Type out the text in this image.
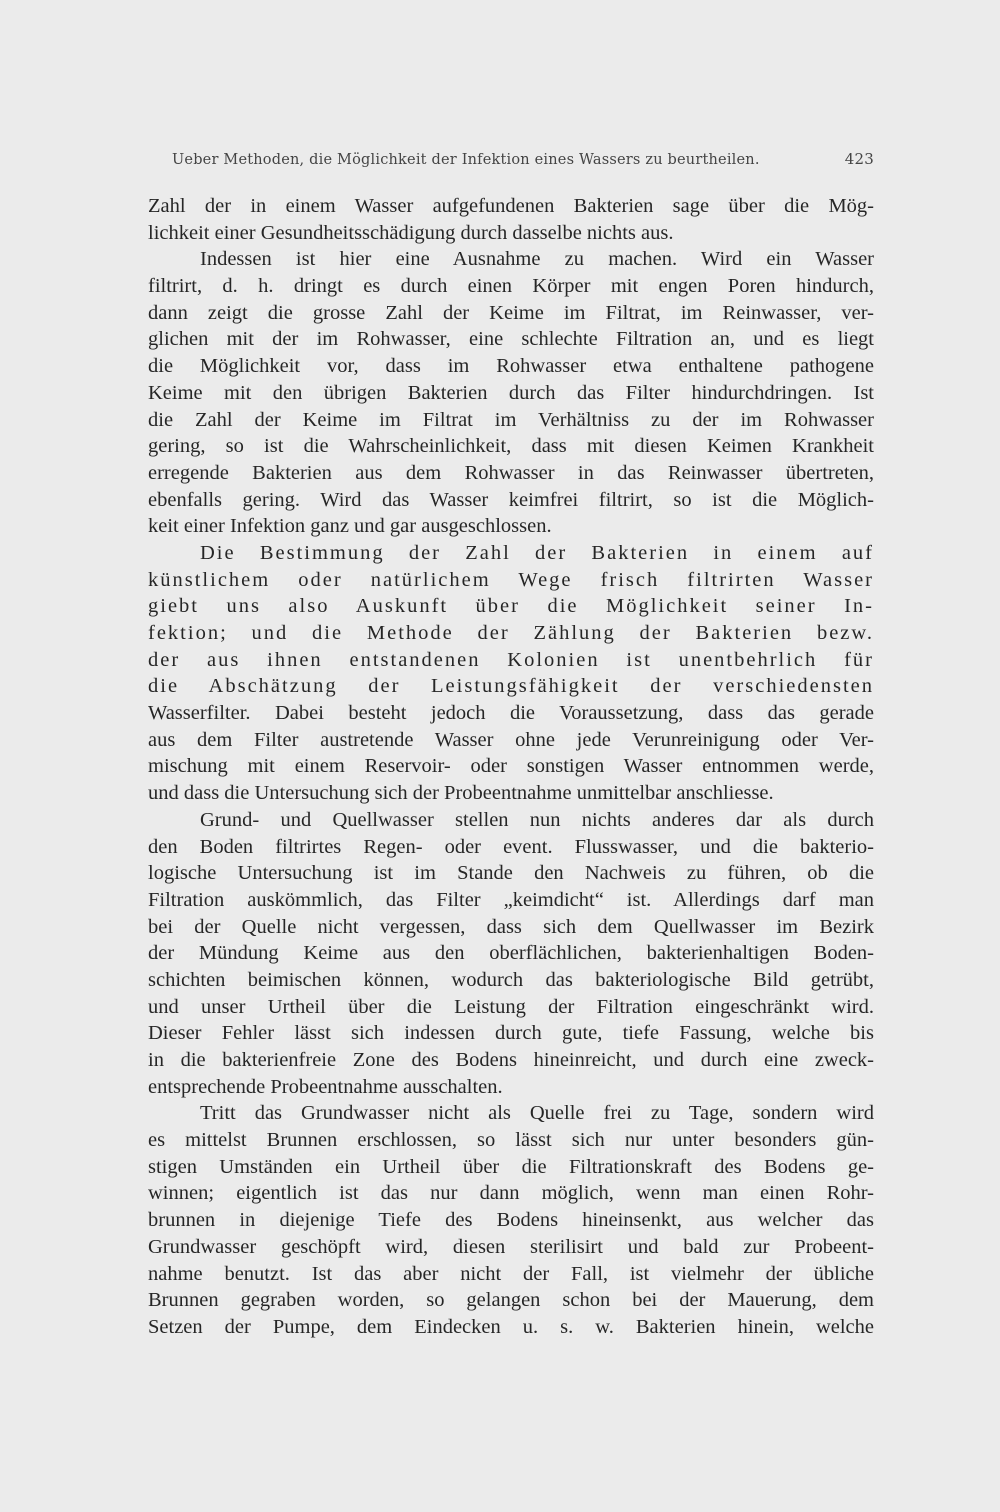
Ueber Methoden, die Möglichkeit der Infektion eines Wassers zu beurtheilen.	423
Zahl der in einem Wasser aufgefundenen Bakterien sage über die Mög-
lichkeit einer Gesundheitsschädigung durch dasselbe nichts aus.
Indessen ist hier eine Ausnahme zu machen. Wird ein Wasser
filtrirt, d. h. dringt es durch einen Körper mit engen Poren hindurch,
dann zeigt die grosse Zahl der Keime im Filtrat, im Reinwasser, ver-
glichen mit der im Rohwasser, eine schlechte Filtration an, und es liegt
die Möglichkeit vor, dass im Rohwasser etwa enthaltene pathogene
Keime mit den übrigen Bakterien durch das Filter hindurchdringen. Ist
die Zahl der Keime im Filtrat im Verhältniss zu der im Rohwasser
gering, so ist die Wahrscheinlichkeit, dass mit diesen Keimen Krankheit
erregende Bakterien aus dem Rohwasser in das Reinwasser übertreten,
ebenfalls gering. Wird das Wasser keimfrei filtrirt, so ist die Möglich-
keit einer Infektion ganz und gar ausgeschlossen.
Die Bestimmung der Zahl der Bakterien in einem auf
künstlichem oder natürlichem Wege frisch filtrirten Wasser
giebt uns also Auskunft über die Möglichkeit seiner In-
fektion; und die Methode der Zählung der Bakterien bezw.
der aus ihnen entstandenen Kolonien ist unentbehrlich für
die Abschätzung der Leistungsfähigkeit der verschiedensten
Wasserfilter. Dabei besteht jedoch die Voraussetzung, dass das gerade
aus dem Filter austretende Wasser ohne jede Verunreinigung oder Ver-
mischung mit einem Reservoir- oder sonstigen Wasser entnommen werde,
und dass die Untersuchung sich der Probeentnahme unmittelbar anschliesse.
Grund- und Quellwasser stellen nun nichts anderes dar als durch
den Boden filtrirtes Regen- oder event. Flusswasser, und die bakterio-
logische Untersuchung ist im Stande den Nachweis zu führen, ob die
Filtration auskömmlich, das Filter „keimdicht“ ist. Allerdings darf man
bei der Quelle nicht vergessen, dass sich dem Quellwasser im Bezirk
der Mündung Keime aus den oberflächlichen, bakterienhaltigen Boden-
schichten beimischen können, wodurch das bakteriologische Bild getrübt,
und unser Urtheil über die Leistung der Filtration eingeschränkt wird.
Dieser Fehler lässt sich indessen durch gute, tiefe Fassung, welche bis
in die bakterienfreie Zone des Bodens hineinreicht, und durch eine zweck-
entsprechende Probeentnahme ausschalten.
Tritt das Grundwasser nicht als Quelle frei zu Tage, sondern wird
es mittelst Brunnen erschlossen, so lässt sich nur unter besonders gün-
stigen Umständen ein Urtheil über die Filtrationskraft des Bodens ge-
winnen; eigentlich ist das nur dann möglich, wenn man einen Rohr-
brunnen in diejenige Tiefe des Bodens hineinsenkt, aus welcher das
Grundwasser geschöpft wird, diesen sterilisirt und bald zur Probeent-
nahme benutzt. Ist das aber nicht der Fall, ist vielmehr der übliche
Brunnen gegraben worden, so gelangen schon bei der Mauerung, dem
Setzen der Pumpe, dem Eindecken u. s. w. Bakterien hinein, welche
